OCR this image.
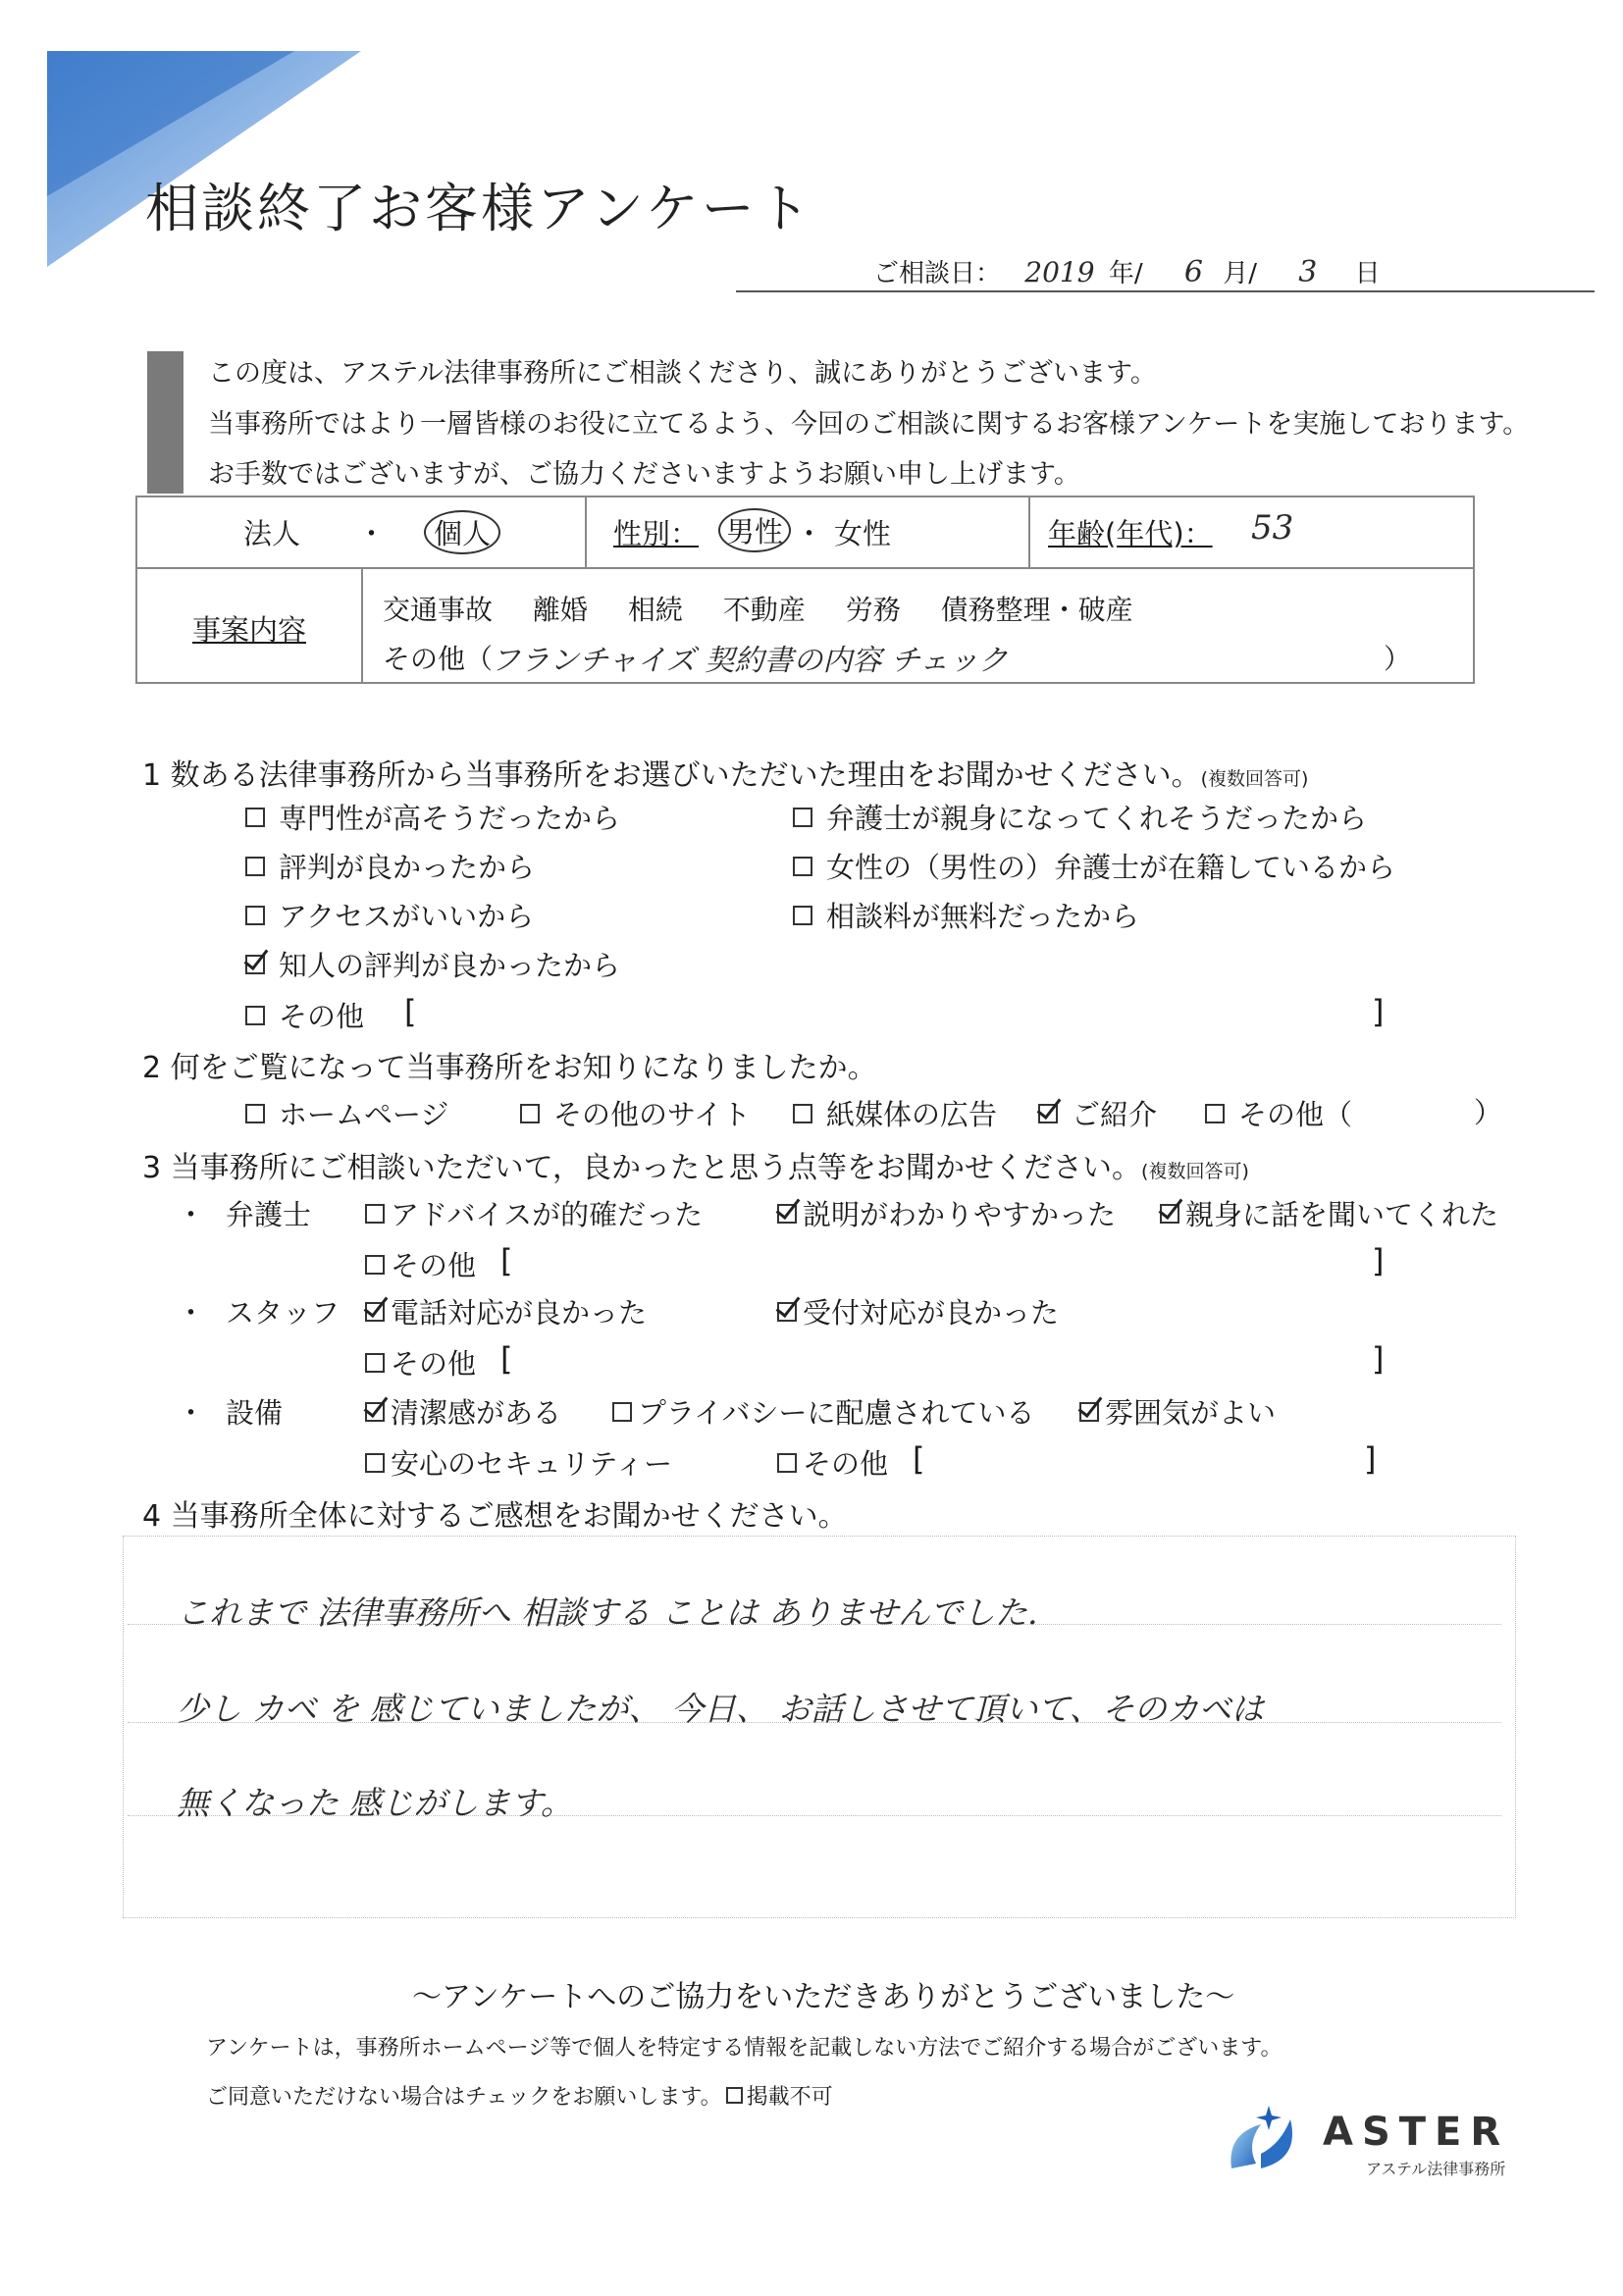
相談終了お客様アンケート
ご相談日： 2019 年/ 6 月/ 3 日
この度は、アステル法律事務所にご相談くださり、誠にありがとうございます。
当事務所ではより一層皆様のお役に立てるよう、今回のご相談に関するお客様アンケートを実施しております。
お手数ではございますが、ご協力くださいますようお願い申し上げます。
法人 ・	個人	性別： 男性 ・ 女性	年齢(年代)： 53
事案内容
交通事故 離婚 相続 不動産 労務 債務整理・破産
その他（
フランチャイズ 契約書の内容 チェック	）
1 数ある法律事務所から当事務所をお選びいただいた理由をお聞かせください。(複数回答可)
専門性が高そうだったから	弁護士が親身になってくれそうだったから
評判が良かったから	女性の（男性の）弁護士が在籍しているから
アクセスがいいから	相談料が無料だったから
知人の評判が良かったから
その他 [	]
2 何をご覧になって当事務所をお知りになりましたか。
ホームページ	その他のサイト	紙媒体の広告	ご紹介	その他（	）
3 当事務所にご相談いただいて，良かったと思う点等をお聞かせください。(複数回答可)
・ 弁護士	アドバイスが的確だった	説明がわかりやすかった 親身に話を聞いてくれた
その他 [	]
・ スタッフ 電話対応が良かった	受付対応が良かった
その他 [	]
・ 設備	清潔感がある	プライバシーに配慮されている 雰囲気がよい
安心のセキュリティー	その他 [	]
4 当事務所全体に対するご感想をお聞かせください。
これまで 法律事務所へ 相談する ことは ありませんでした.
少し カベ を 感じていましたが、 今日、 お話しさせて頂いて、そのカベは
無くなった 感じがします。
〜アンケートへのご協力をいただきありがとうございました〜
アンケートは，事務所ホームページ等で個人を特定する情報を記載しない方法でご紹介する場合がございます。
ご同意いただけない場合はチェックをお願いします。 掲載不可
ASTER
アステル法律事務所
